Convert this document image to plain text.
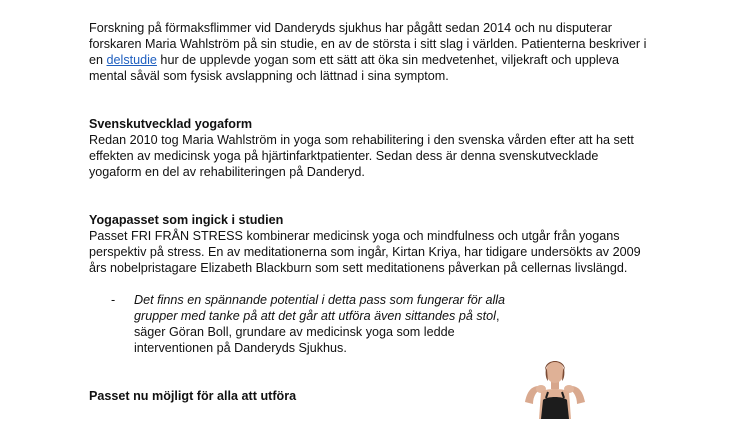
Forskning på förmaksflimmer vid Danderyds sjukhus har pågått sedan 2014 och nu disputerar forskaren Maria Wahlström på sin studie, en av de största i sitt slag i världen. Patienterna beskriver i en delstudie hur de upplevde yogan som ett sätt att öka sin medvetenhet, viljekraft och uppleva mental såväl som fysisk avslappning och lättnad i sina symptom.

Svenskutvecklad yogaform

Redan 2010 tog Maria Wahlström in yoga som rehabilitering i den svenska vården efter att ha sett effekten av medicinsk yoga på hjärtinfarktpatienter. Sedan dess är denna svenskutvecklade yogaform en del av rehabiliteringen på Danderyd.

Yogapasset som ingick i studien

Passet FRI FRÅN STRESS kombinerar medicinsk yoga och mindfulness och utgår från yogans perspektiv på stress. En av meditationerna som ingår, Kirtan Kriya, har tidigare undersökts av 2009 års nobelpristagare Elizabeth Blackburn som sett meditationens påverkan på cellernas livslängd.

- Det finns en spännande potential i detta pass som fungerar för alla grupper med tanke på att det går att utföra även sittandes på stol, säger Göran Boll, grundare av medicinsk yoga som ledde interventionen på Danderyds Sjukhus.

Passet nu möjligt för alla att utföra
